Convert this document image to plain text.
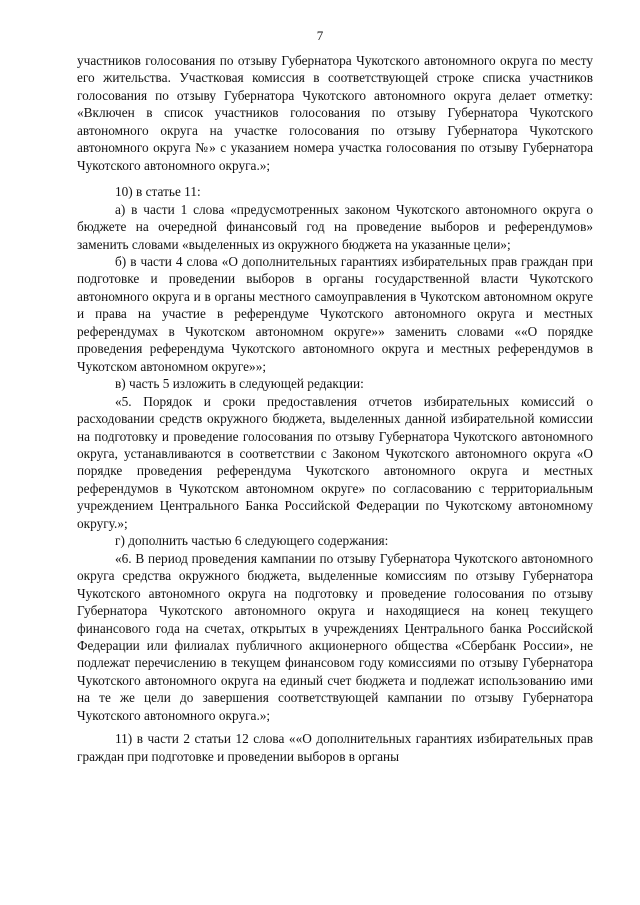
7

участников голосования по отзыву Губернатора Чукотского автономного округа по месту его жительства. Участковая комиссия в соответствующей строке списка участников голосования по отзыву Губернатора Чукотского автономного округа делает отметку: «Включен в список участников голосования по отзыву Губернатора Чукотского автономного округа на участке голосования по отзыву Губернатора Чукотского автономного округа №» с указанием номера участка голосования по отзыву Губернатора Чукотского автономного округа.»;

10) в статье 11:

а) в части 1 слова «предусмотренных законом Чукотского автономного округа о бюджете на очередной финансовый год на проведение выборов и референдумов» заменить словами «выделенных из окружного бюджета на указанные цели»;

б) в части 4 слова «О дополнительных гарантиях избирательных прав граждан при подготовке и проведении выборов в органы государственной власти Чукотского автономного округа и в органы местного самоуправления в Чукотском автономном округе и права на участие в референдуме Чукотского автономного округа и местных референдумах в Чукотском автономном округе»» заменить словами ««О порядке проведения референдума Чукотского автономного округа и местных референдумов в Чукотском автономном округе»»;

в) часть 5 изложить в следующей редакции:

«5. Порядок и сроки предоставления отчетов избирательных комиссий о расходовании средств окружного бюджета, выделенных данной избирательной комиссии на подготовку и проведение голосования по отзыву Губернатора Чукотского автономного округа, устанавливаются в соответствии с Законом Чукотского автономного округа «О порядке проведения референдума Чукотского автономного округа и местных референдумов в Чукотском автономном округе» по согласованию с территориальным учреждением Центрального Банка Российской Федерации по Чукотскому автономному округу.»;

г) дополнить частью 6 следующего содержания:

«6. В период проведения кампании по отзыву Губернатора Чукотского автономного округа средства окружного бюджета, выделенные комиссиям по отзыву Губернатора Чукотского автономного округа на подготовку и проведение голосования по отзыву Губернатора Чукотского автономного округа и находящиеся на конец текущего финансового года на счетах, открытых в учреждениях Центрального банка Российской Федерации или филиалах публичного акционерного общества «Сбербанк России», не подлежат перечислению в текущем финансовом году комиссиями по отзыву Губернатора Чукотского автономного округа на единый счет бюджета и подлежат использованию ими на те же цели до завершения соответствующей кампании по отзыву Губернатора Чукотского автономного округа.»;

11) в части 2 статьи 12 слова ««О дополнительных гарантиях избирательных прав граждан при подготовке и проведении выборов в органы
